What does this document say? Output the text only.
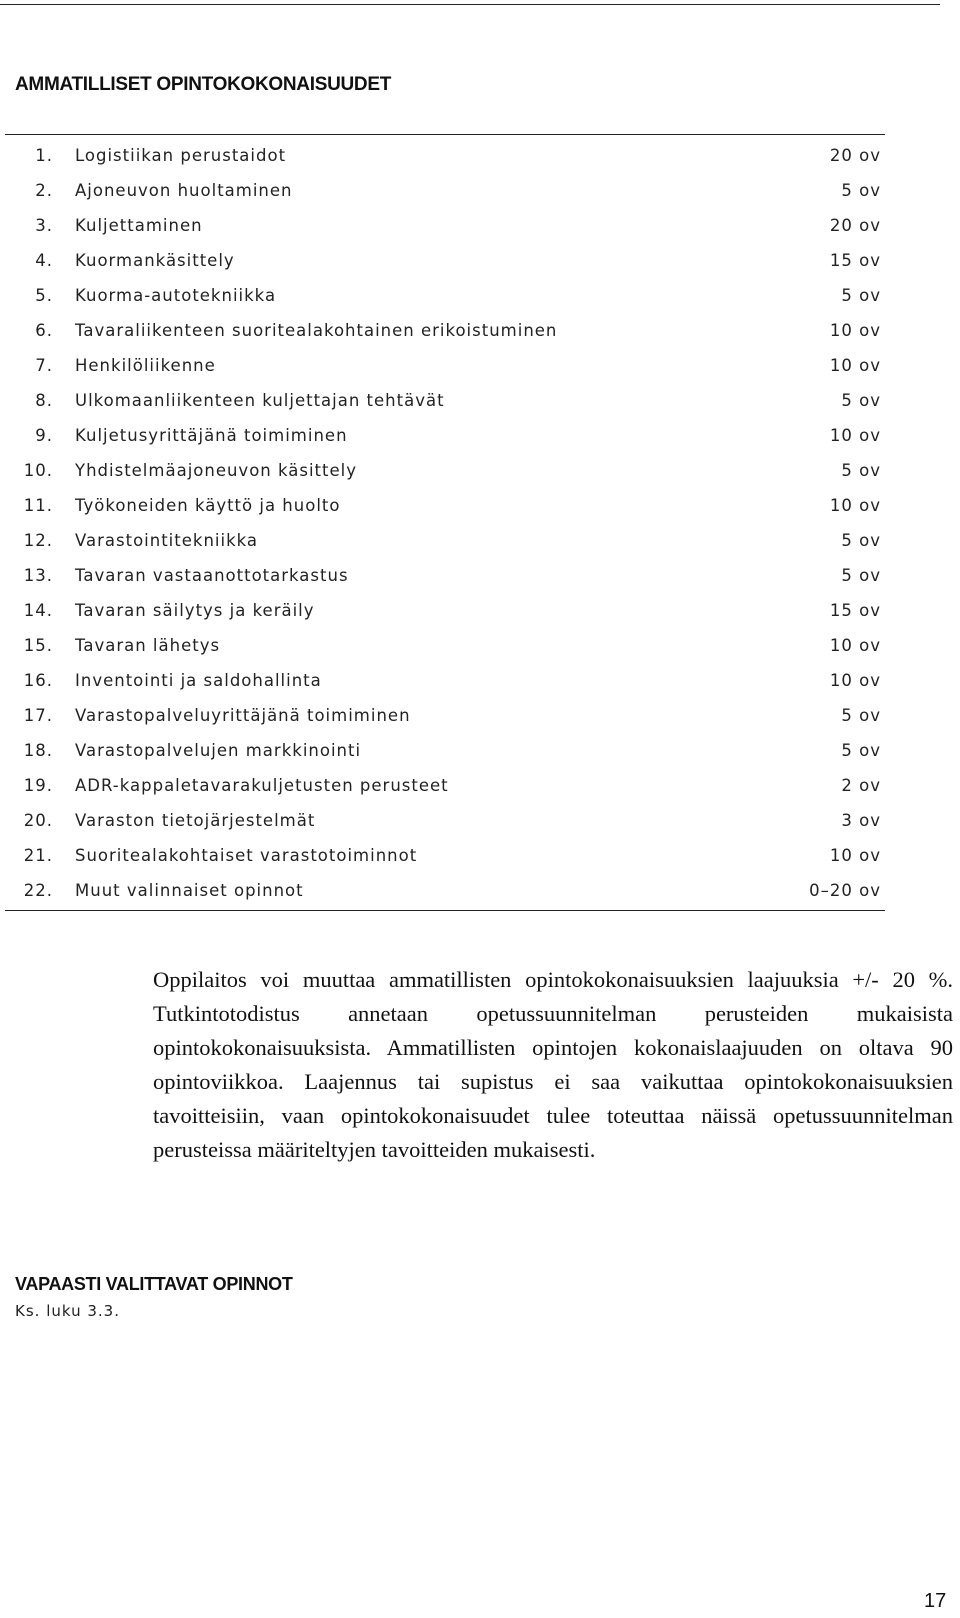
AMMATILLISET OPINTOKOKONAISUUDET
1.	Logistiikan perustaidot	20 ov
2.	Ajoneuvon huoltaminen	5 ov
3.	Kuljettaminen	20 ov
4.	Kuormankäsittely	15 ov
5.	Kuorma-autotekniikka	5 ov
6.	Tavaraliikenteen suoritealakohtainen erikoistuminen	10 ov
7.	Henkilöliikenne	10 ov
8.	Ulkomaanliikenteen kuljettajan tehtävät	5 ov
9.	Kuljetusyrittäjänä toimiminen	10 ov
10.	Yhdistelmäajoneuvon käsittely	5 ov
11.	Työkoneiden käyttö ja huolto	10 ov
12.	Varastointitekniikka	5 ov
13.	Tavaran vastaanottotarkastus	5 ov
14.	Tavaran säilytys ja keräily	15 ov
15.	Tavaran lähetys	10 ov
16.	Inventointi ja saldohallinta	10 ov
17.	Varastopalveluyrittäjänä toimiminen	5 ov
18.	Varastopalvelujen markkinointi	5 ov
19.	ADR-kappaletavarakuljetusten perusteet	2 ov
20.	Varaston tietojärjestelmät	3 ov
21.	Suoritealakohtaiset varastotoiminnot	10 ov
22.	Muut valinnaiset opinnot	0–20 ov

Oppilaitos voi muuttaa ammatillisten opintokokonaisuuksien laajuuksia +/- 20 %. Tutkintotodistus annetaan opetussuunnitelman perusteiden mukaisista opintokokonaisuuksista. Ammatillisten opintojen kokonaislaajuuden on oltava 90 opintoviikkoa. Laajennus tai supistus ei saa vaikuttaa opintokokonaisuuksien tavoitteisiin, vaan opintokokonaisuudet tulee toteuttaa näissä opetussuunnitelman perusteissa määriteltyjen tavoitteiden mukaisesti.

VAPAASTI VALITTAVAT OPINNOT

Ks. luku 3.3.

17
